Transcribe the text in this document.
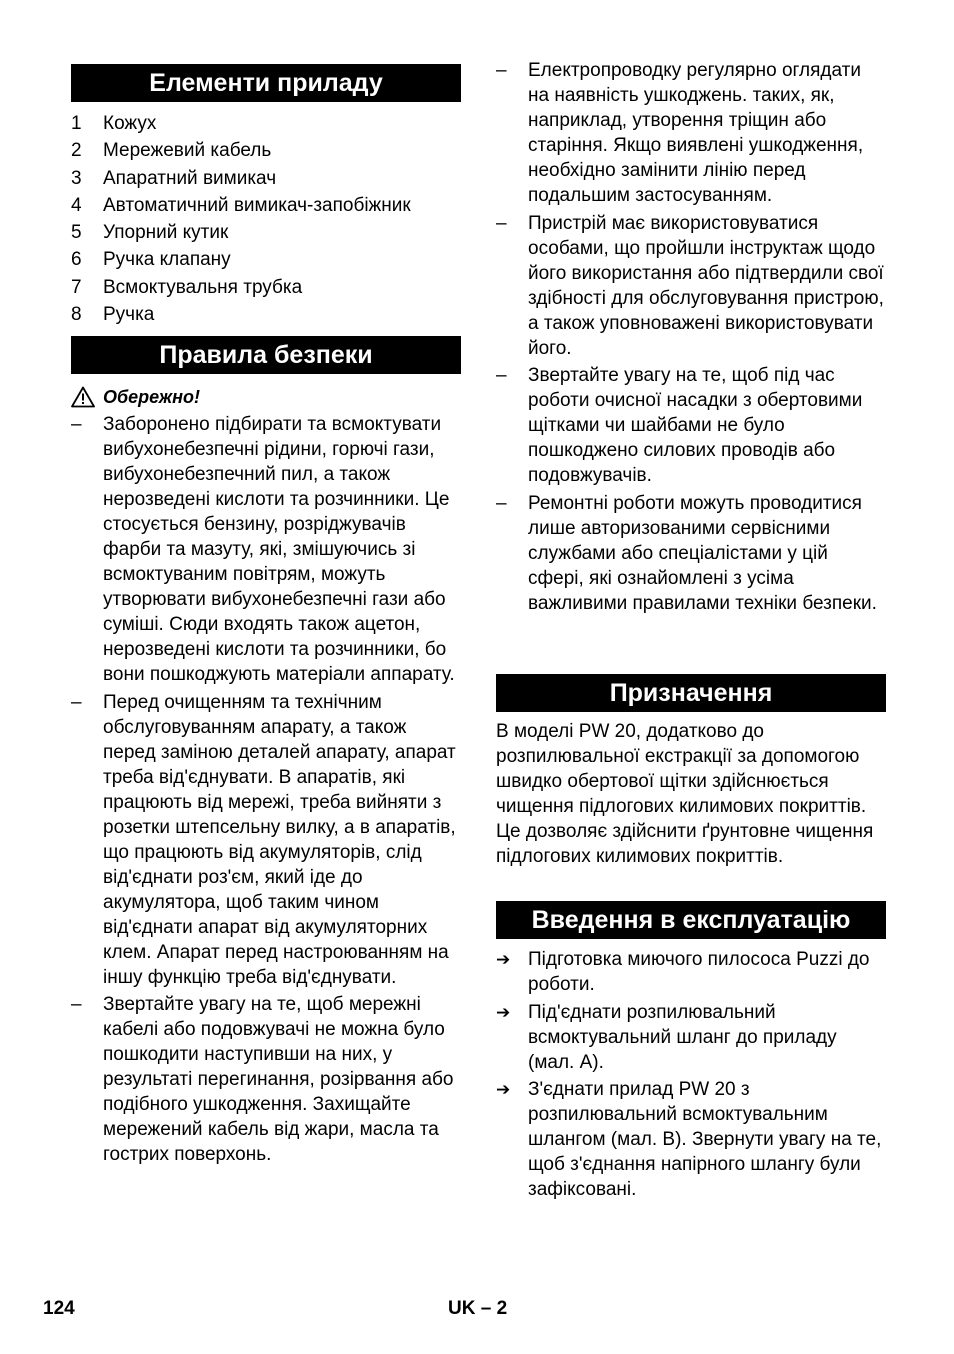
Елементи приладу
1 Кожух
2 Мережевий кабель
3 Апаратний вимикач
4 Автоматичний вимикач-запобіжник
5 Упорний кутик
6 Ручка клапану
7 Всмоктувальня трубка
8 Ручка
Правила безпеки
Обережно!
–	Заборонено підбирати та всмоктувати вибухонебезпечні рідини, горючі гази, вибухонебезпечний пил, а також нерозведені кислоти та розчинники. Це стосується бензину, розріджувачів фарби та мазуту, які, змішуючись зі всмоктуваним повітрям, можуть утворювати вибухонебезпечні гази або суміші. Сюди входять також ацетон, нерозведені кислоти та розчинники, бо вони пошкоджують матеріали аппарату.
–	Перед очищенням та технічним обслуговуванням апарату, а також перед заміною деталей апарату, апарат треба від'єднувати. В апаратів, які працюють від мережі, треба вийняти з розетки штепсельну вилку, а в апаратів, що працюють від акумуляторів, слід від'єднати роз'єм, який іде до акумулятора, щоб таким чином від'єднати апарат від акумуляторних клем. Апарат перед настроюванням на іншу функцію треба від'єднувати.
–	Звертайте увагу на те, щоб мережні кабелі або подовжувачі не можна було пошкодити наступивши на них, у результаті перегинання, розірвання або подібного ушкодження. Захищайте мережений кабель від жари, масла та гострих поверхонь.
–	Електропроводку регулярно оглядати на наявність ушкоджень. таких, як, наприклад, утворення тріщин або старіння. Якщо виявлені ушкодження, необхідно замінити лінію перед подальшим застосуванням.
–	Пристрій має використовуватися особами, що пройшли інструктаж щодо його використання або підтвердили свої здібності для обслуговування пристрою, а також уповноважені використовувати його.
–	Звертайте увагу на те, щоб під час роботи очисної насадки з обертовими щітками чи шайбами не було пошкоджено силових проводів або подовжувачів.
–	Ремонтні роботи можуть проводитися лише авторизованими сервісними службами або спеціалістами у цій сфері, які ознайомлені з усіма важливими правилами техніки безпеки.
Призначення

В моделі PW 20, додатково до розпилювальної екстракції за допомогою швидко обертової щітки здійснюється чищення підлогових килимових покриттів. Це дозволяє здійснити ґрунтовне чищення підлогових килимових покриттів.

Введення в експлуатацію
➔ Підготовка миючого пилососа Puzzi до роботи.
➔ Під'єднати розпилювальний всмоктувальний шланг до приладу (мал. A).
➔ З'єднати прилад PW 20 з розпилювальний всмоктувальним шлангом (мал. B). Звернути увагу на те, щоб з'єднання напірного шлангу були зафіксовані.
124	UK – 2
